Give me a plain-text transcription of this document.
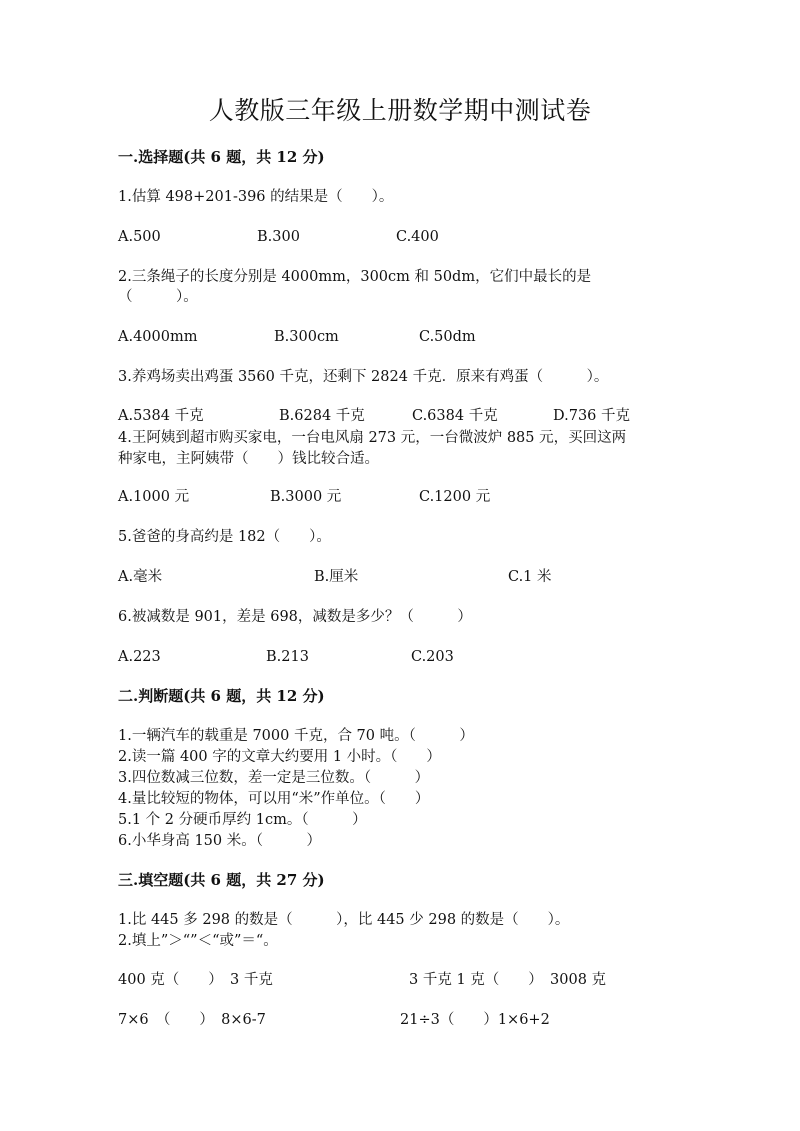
人教版三年级上册数学期中测试卷
一.选择题(共 6 题，共 12 分)
1.估算 498+201-396 的结果是（　　）。
A.500	B.300	C.400
2.三条绳子的长度分别是 4000mm，300cm 和 50dm，它们中最长的是
（　　　）。
A.4000mm	B.300cm	C.50dm
3.养鸡场卖出鸡蛋 3560 千克，还剩下 2824 千克．原来有鸡蛋（　　　）。
A.5384 千克	B.6284 千克	C.6384 千克	D.736 千克
4.王阿姨到超市购买家电，一台电风扇 273 元，一台微波炉 885 元，买回这两
种家电，主阿姨带（　　）钱比较合适。
A.1000 元	B.3000 元	C.1200 元
5.爸爸的身高约是 182（　　）。
A.毫米	B.厘米	C.1 米
6.被减数是 901，差是 698，减数是多少？（　　　）
A.223	B.213	C.203
二.判断题(共 6 题，共 12 分)
1.一辆汽车的载重是 7000 千克，合 70 吨。（　　　）
2.读一篇 400 字的文章大约要用 1 小时。（　　）
3.四位数减三位数，差一定是三位数。（　　　）
4.量比较短的物体，可以用“米”作单位。（　　）
5.1 个 2 分硬币厚约 1cm。（　　　）
6.小华身高 150 米。（　　　）
三.填空题(共 6 题，共 27 分)
1.比 445 多 298 的数是（　　　），比 445 少 298 的数是（　　）。
2.填上”＞“”＜“或”＝“。
400 克（　　）　3 千克	3 千克 1 克（　　）　3008 克
7×6　（　　）　8×6-7	21÷3（　　）1×6+2
